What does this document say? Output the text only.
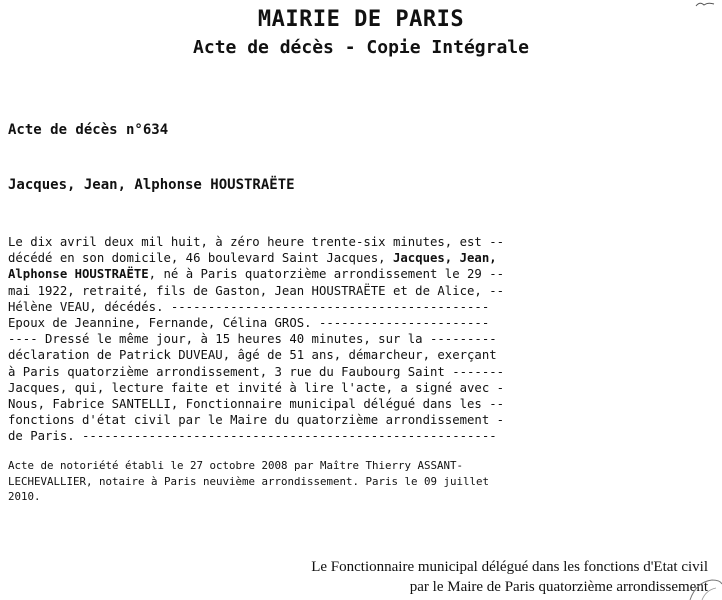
MAIRIE DE PARIS
Acte de décès - Copie Intégrale
Acte de décès n°634
Jacques, Jean, Alphonse HOUSTRAËTE
Le dix avril deux mil huit, à zéro heure trente-six minutes, est --
décédé en son domicile, 46 boulevard Saint Jacques, Jacques, Jean,
Alphonse HOUSTRAËTE, né à Paris quatorzième arrondissement le 29 --
mai 1922, retraité, fils de Gaston, Jean HOUSTRAËTE et de Alice, --
Hélène VEAU, décédés. -------------------------------------------
Epoux de Jeannine, Fernande, Célina GROS. -----------------------
---- Dressé le même jour, à 15 heures 40 minutes, sur la ---------
déclaration de Patrick DUVEAU, âgé de 51 ans, démarcheur, exerçant
à Paris quatorzième arrondissement, 3 rue du Faubourg Saint -------
Jacques, qui, lecture faite et invité à lire l'acte, a signé avec -
Nous, Fabrice SANTELLI, Fonctionnaire municipal délégué dans les --
fonctions d'état civil par le Maire du quatorzième arrondissement -
de Paris. --------------------------------------------------------
Acte de notoriété établi le 27 octobre 2008 par Maître Thierry ASSANT-
LECHEVALLIER, notaire à Paris neuvième arrondissement. Paris le 09 juillet
2010.
Le Fonctionnaire municipal délégué dans les fonctions d'Etat civil
par le Maire de Paris quatorzième arrondissement
